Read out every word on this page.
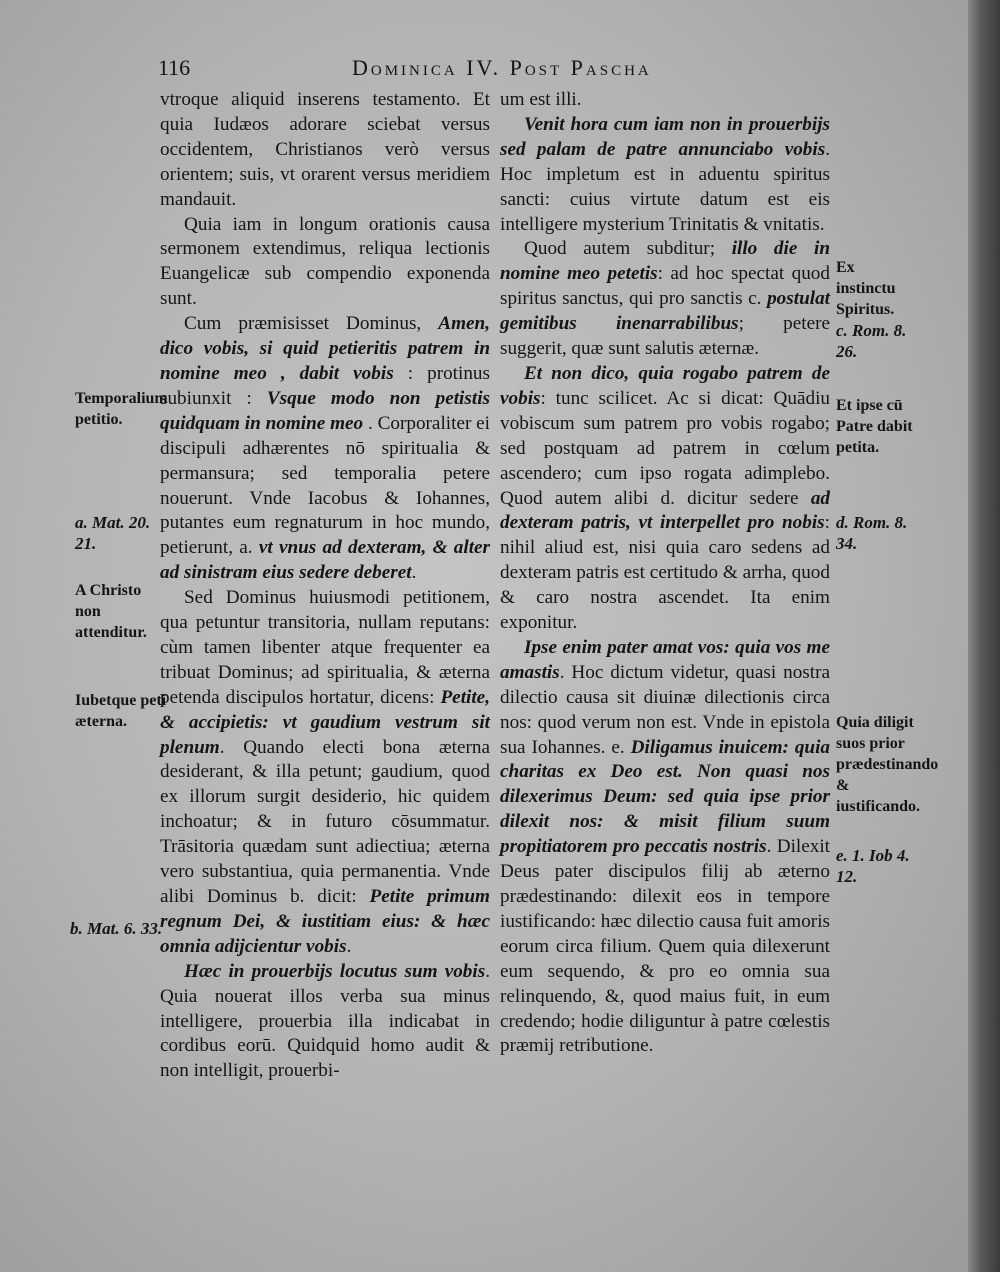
116	Dominica IV. Post Pascha

vtroque aliquid inserens testamento. Et quia Iudæos adorare sciebat versus occidentem, Christianos verò versus orientem; suis, vt orarent versus meridiem mandauit.

Quia iam in longum orationis causa sermonem extendimus, reliqua lectionis Euangelicæ sub compendio exponenda sunt.

Cum præmisisset Dominus, Amen, dico vobis, si quid petieritis patrem in nomine meo , dabit vobis : protinus subiunxit : Vsque modo non petistis quidquam in nomine meo . Corporaliter ei discipuli adhærentes nō spiritualia & permansura; sed temporalia petere nouerunt. Vnde Iacobus & Iohannes, putantes eum regnaturum in hoc mundo, petierunt, a. vt vnus ad dexteram, & alter ad sinistram eius sedere deberet.

Sed Dominus huiusmodi petitionem, qua petuntur transitoria, nullam reputans: cùm tamen libenter atque frequenter ea tribuat Dominus; ad spiritualia, & æterna petenda discipulos hortatur, dicens: Petite, & accipietis: vt gaudium vestrum sit plenum. Quando electi bona æterna desiderant, & illa petunt; gaudium, quod ex illorum surgit desiderio, hic quidem inchoatur; & in futuro cōsummatur. Trāsitoria quædam sunt adiectiua; æterna vero substantiua, quia permanentia. Vnde alibi Dominus b. dicit: Petite primum regnum Dei, & iustitiam eius: & hæc omnia adijcientur vobis.

Hæc in prouerbijs locutus sum vobis. Quia nouerat illos verba sua minus intelligere, prouerbia illa indicabat in cordibus eorū. Quidquid homo audit & non intelligit, prouerbi-

um est illi.

Venit hora cum iam non in prouerbijs sed palam de patre annunciabo vobis. Hoc impletum est in aduentu spiritus sancti: cuius virtute datum est eis intelligere mysterium Trinitatis & vnitatis.

Quod autem subditur; illo die in nomine meo petetis: ad hoc spectat quod spiritus sanctus, qui pro sanctis c. postulat gemitibus inenarrabilibus; petere suggerit, quæ sunt salutis æternæ.

Et non dico, quia rogabo patrem de vobis: tunc scilicet. Ac si dicat: Quādiu vobiscum sum patrem pro vobis rogabo; sed postquam ad patrem in cœlum ascendero; cum ipso rogata adimplebo. Quod autem alibi d. dicitur sedere ad dexteram patris, vt interpellet pro nobis: nihil aliud est, nisi quia caro sedens ad dexteram patris est certitudo & arrha, quod & caro nostra ascendet. Ita enim exponitur.

Ipse enim pater amat vos: quia vos me amastis. Hoc dictum videtur, quasi nostra dilectio causa sit diuinæ dilectionis circa nos: quod verum non est. Vnde in epistola sua Iohannes. e. Diligamus inuicem: quia charitas ex Deo est. Non quasi nos dilexerimus Deum: sed quia ipse prior dilexit nos: & misit filium suum propitiatorem pro peccatis nostris. Dilexit Deus pater discipulos filij ab æterno prædestinando: dilexit eos in tempore iustificando: hæc dilectio causa fuit amoris eorum circa filium. Quem quia dilexerunt eum sequendo, & pro eo omnia sua relinquendo, &, quod maius fuit, in eum credendo; hodie diliguntur à patre cœlestis præmij retributione.

Temporalium petitio.
a. Mat. 20. 21.
A Christo non attenditur.
Iubetque peti æterna.
b. Mat. 6. 33.
Ex instinctu Spiritus.
c. Rom. 8. 26.
Et ipse cū Patre dabit petita.
d. Rom. 8. 34.
Quia diligit suos prior prædestinando & iustificando.
e. 1. Iob 4. 12.
